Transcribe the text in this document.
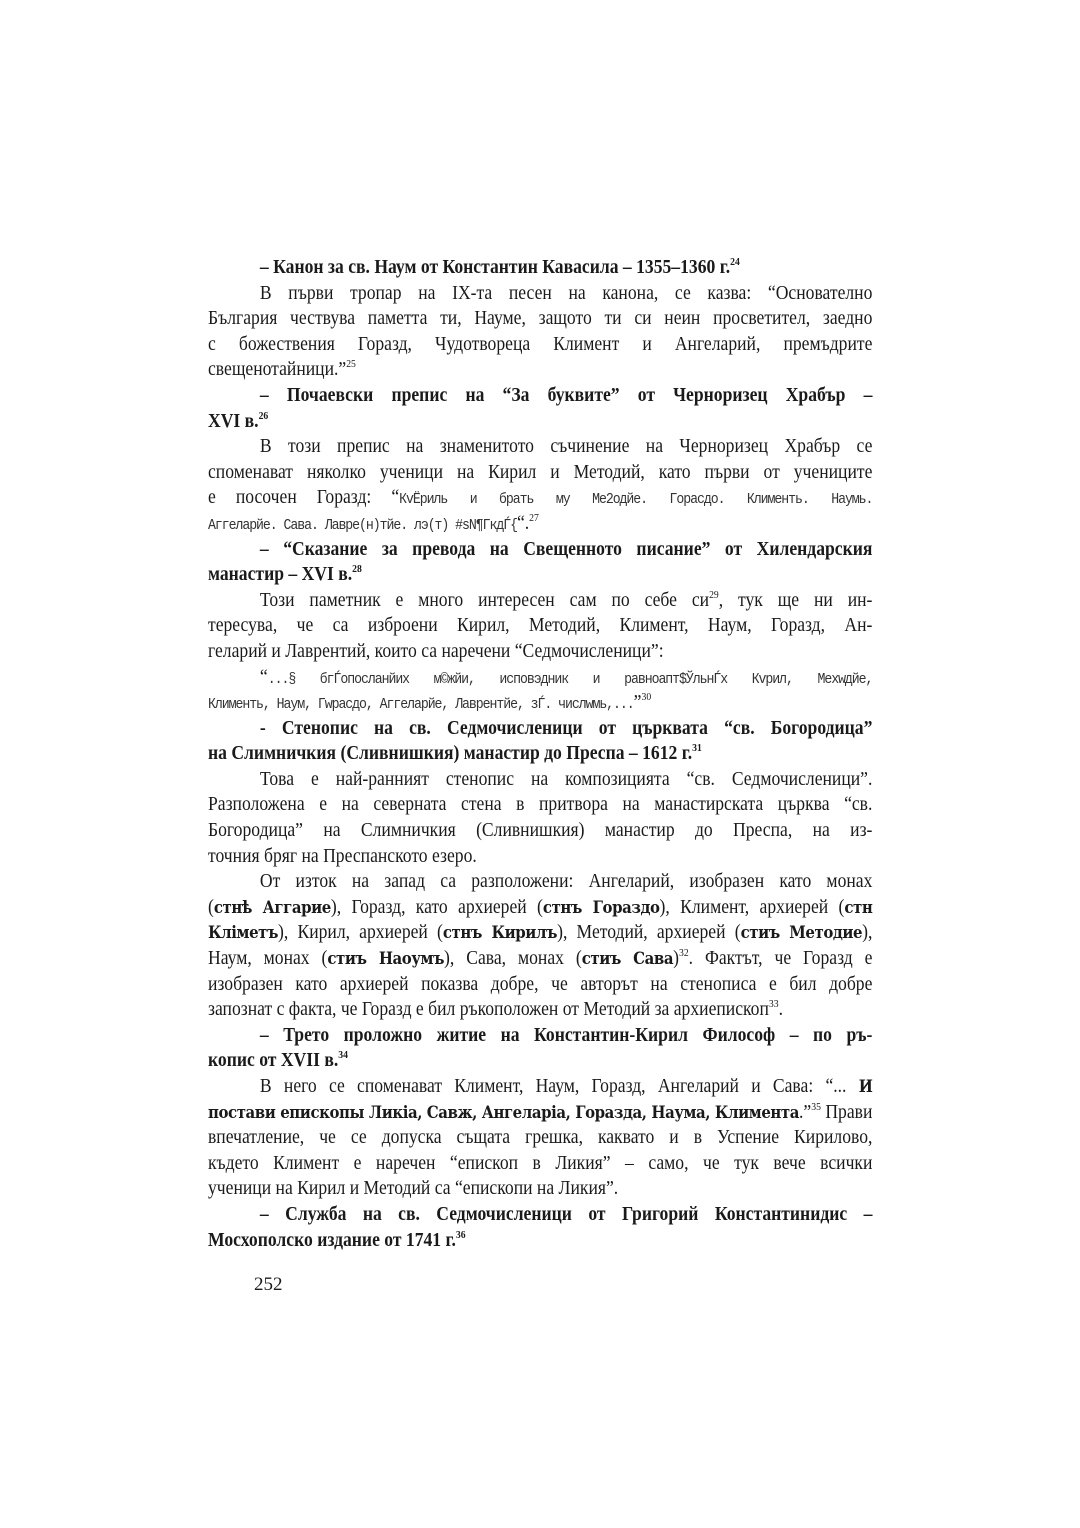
– Канон за св. Наум от Константин Кавасила – 1355–1360 г.$^{24}$
В първи тропар на IX-та песен на канона, се казва: “Основателно
България чествува паметта ти, Науме, защото ти си неин просветител, заедно
с божествения Горазд, Чудотвореца Климент и Ангеларий, премъдрите
свещенотайници.”$^{25}$
– Почаевски препис на “За буквите” от Черноризец Храбър –
XVI в.$^{26}$
В този препис на знаменитото съчинение на Черноризец Храбър се
споменават няколко ученици на Кирил и Методий, като първи от учениците
е посочен Горазд: “КvЁриль и брать му Ме2одйе. Горасдо. Клименть. Наумь.
Аггеларйе. Сава. Лавре(н)тйе. лэ(т) #sN¶ГкдЃ{“.$^{27}$
– “Сказание за превода на Свещенното писание” от Хилендарския
манастир – XVI в.$^{28}$
Този паметник е много интересен сам по себе $си^{29}$, тук ще ни ин-
тересува, че са изброени Кирил, Методий, Климент, Наум, Горазд, Ан-
геларий и Лаврентий, които са наречени “Седмочисленици”:
“...§ бгЃопосланйих м©жйи, исповэдник и равноапт$ЎльнЃх Кvрил, Меxwдйе,
Клименть, Наум, Гwрасдо, Аггеларйе, Лаврентйе, зЃ. числwмь,...”$^{30}$
- Стенопис на св. Седмочисленици от църквата “св. Богородица”
на Слимничкия (Сливнишкия) манастир до Преспа – 1612 г.$^{31}$
Това е най-ранният стенопис на композицията “св. Седмочисленици”.
Разположена е на северната стена в притвора на манастирската църква “св.
Богородица” на Слимничкия (Сливнишкия) манастир до Преспа, на из-
точния бряг на Преспанското езеро.
От изток на запад са разположени: Ангеларий, изобразен като монах
(стнѣ Аггарие), Горазд, като архиерей (стнъ Гораздо), Климент, архиерей (стн
Клiметъ), Кирил, архиерей (стнъ Кирилъ), Методий, архиерей (стиъ Методие),
Наум, монах (стиъ Наоумъ), Сава, монах (стиъ Сава)$^{32}$. Фактът, че Горазд е
изобразен като архиерей показва добре, че авторът на стенописа е бил добре
запознат с факта, че Горазд е бил ръкоположен от Методий за архиепископ$^{33}$.
– Трето проложно житие на Константин-Кирил Философ – по ръ-
копис от XVII в.$^{34}$
В него се споменават Климент, Наум, Горазд, Ангеларий и Сава: “... И
постави епископы Ликiа, Савж, Ангеларiа, Горазда, Нaума, Климента.”$^{35}$ Прави
впечатление, че се допуска същата грешка, каквато и в Успение Кирилово,
където Климент е наречен “епископ в Ликия” – само, че тук вече всички
ученици на Кирил и Методий са “епископи на Ликия”.
– Служба на св. Седмочисленици от Григорий Константинидис –
Мосхополско издание от 1741 г.$^{36}$
252
